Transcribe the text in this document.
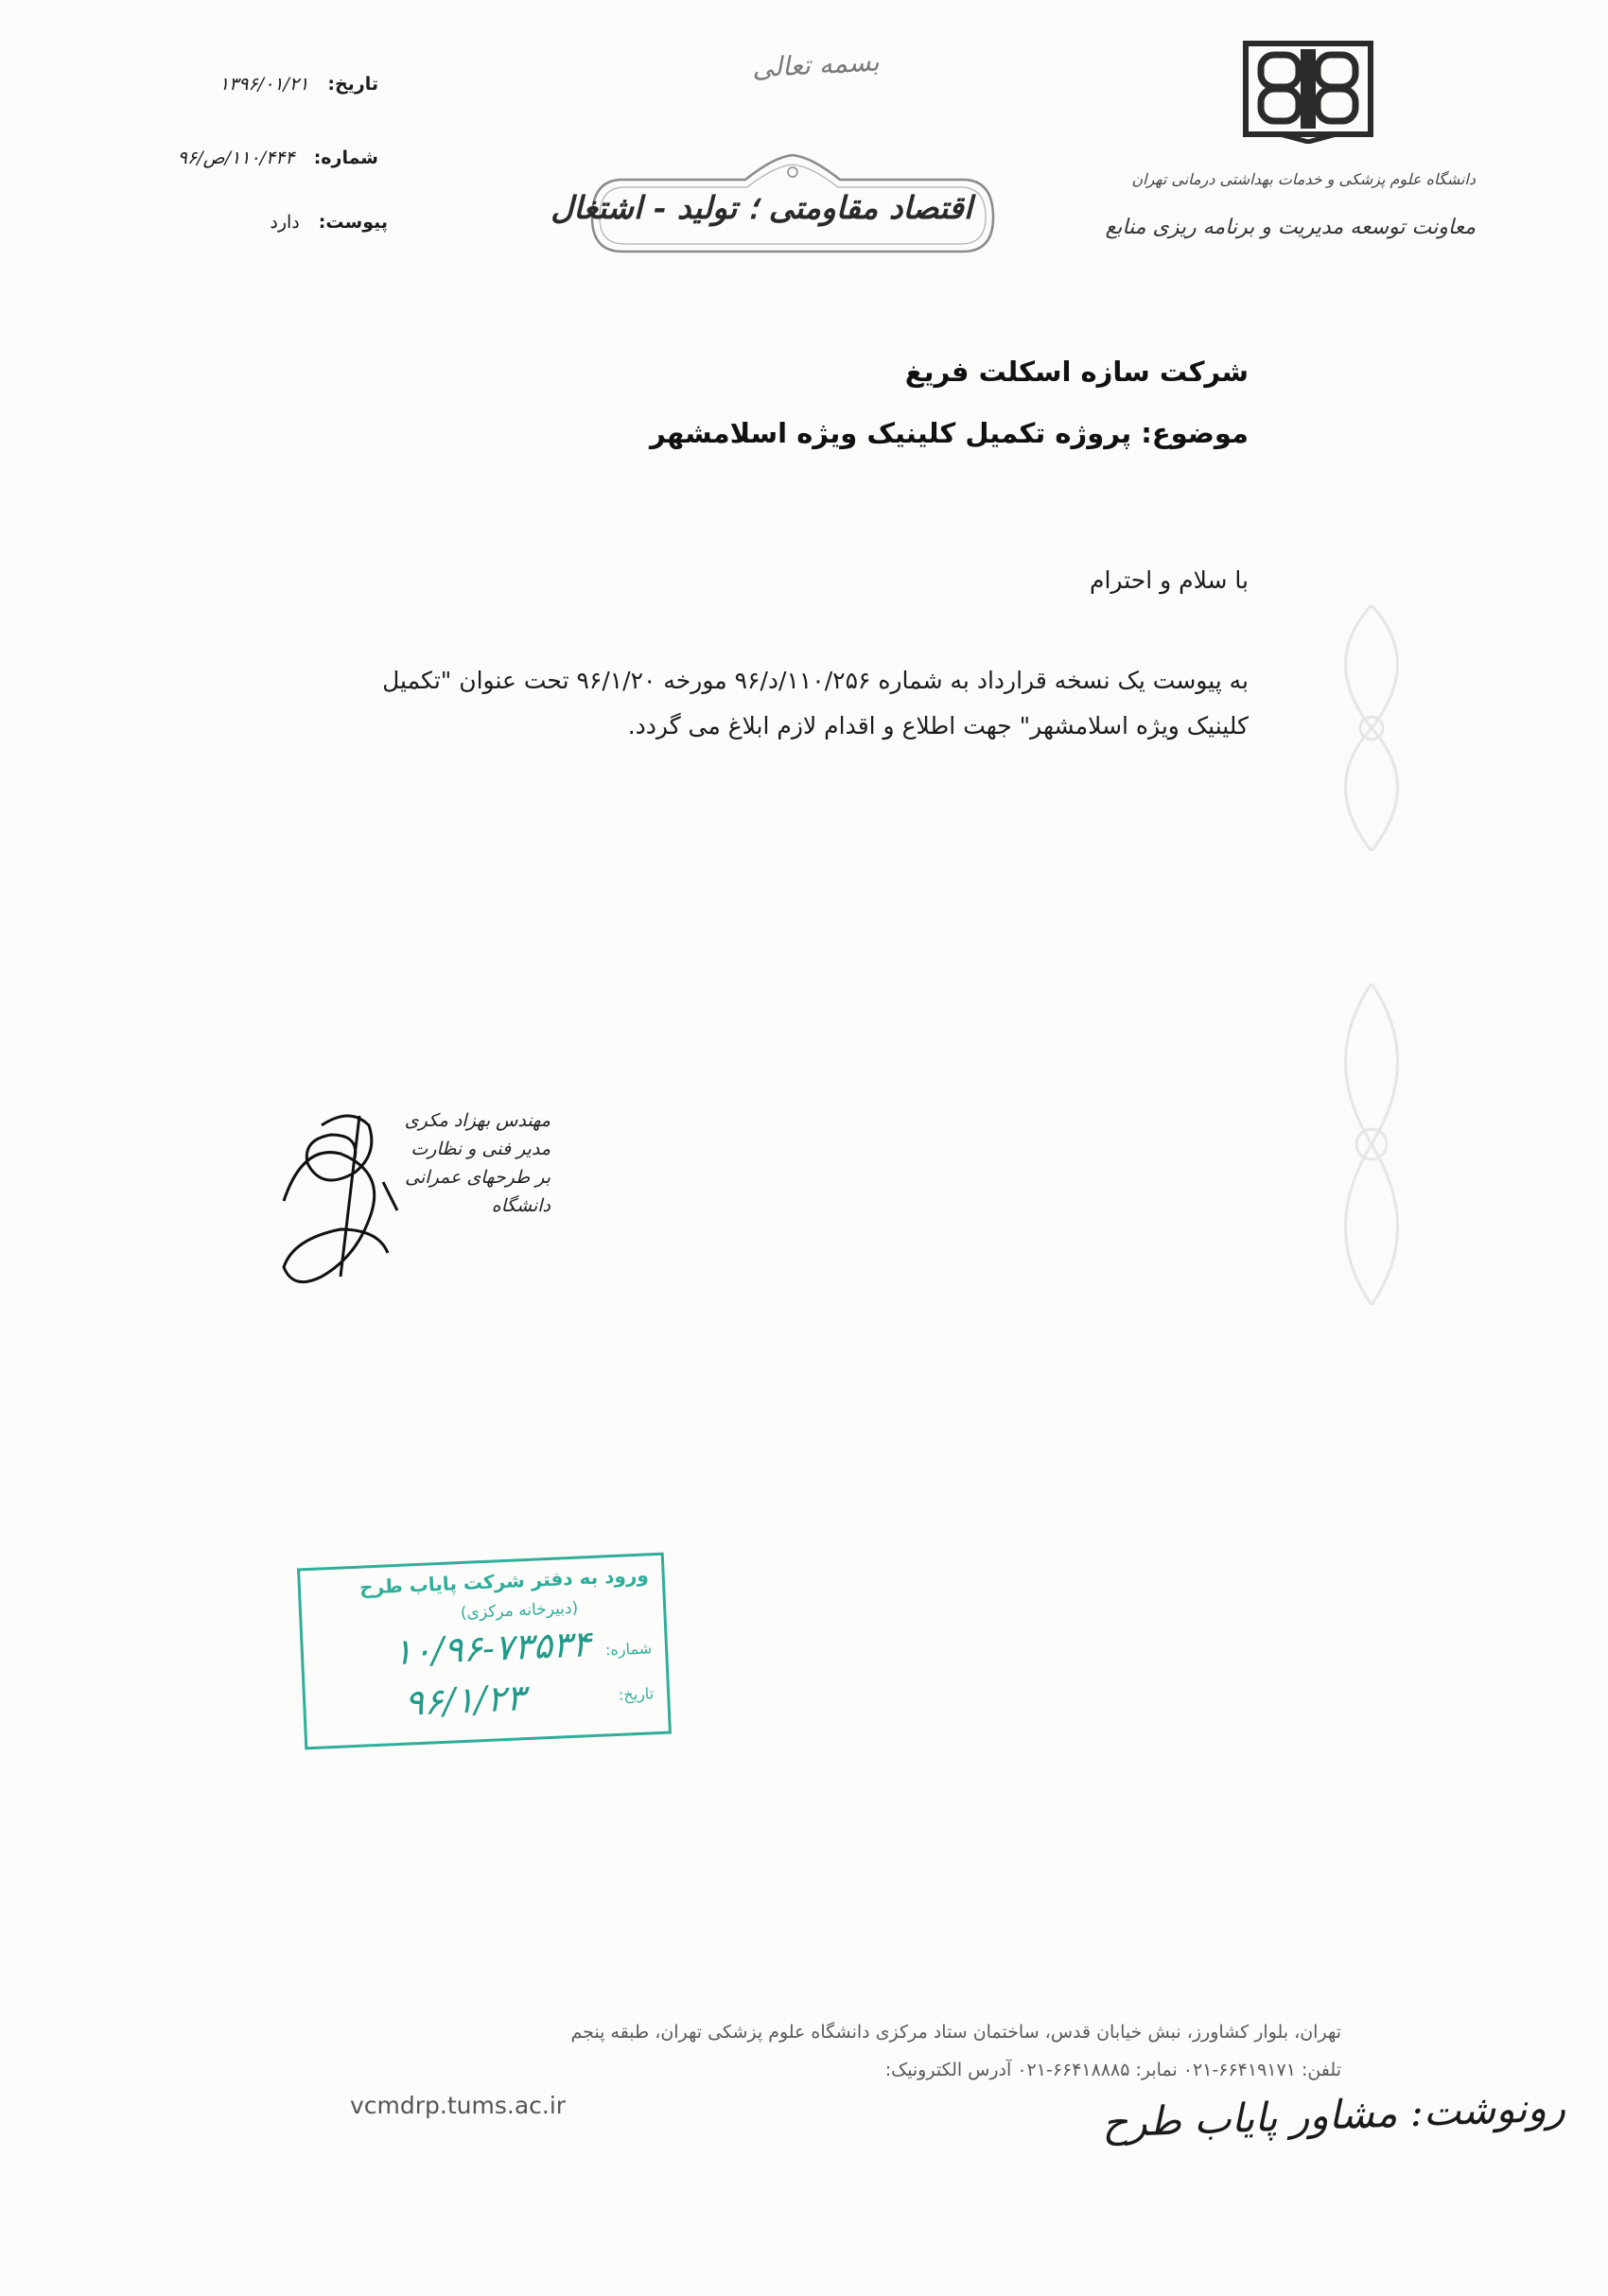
تاریخ: ۱۳۹۶/۰۱/۲۱
شماره: ۱۱۰/۴۴۴/ص/۹۶
پیوست: دارد
بسمه تعالی
اقتصاد مقاومتی ؛ تولید - اشتغال
دانشگاه علوم پزشکی و خدمات بهداشتی درمانی تهران
معاونت توسعه مدیریت و برنامه ریزی منابع
شرکت سازه اسکلت فریغ
موضوع: پروژه تکمیل کلینیک ویژه اسلامشهر
با سلام و احترام
به پیوست یک نسخه قرارداد به شماره ۱۱۰/۲۵۶/د/۹۶ مورخه ۹۶/۱/۲۰ تحت عنوان "تکمیل کلینیک ویژه اسلامشهر" جهت اطلاع و اقدام لازم ابلاغ می گردد.
مهندس بهزاد مکری
مدیر فنی و نظارت
بر طرحهای عمرانی دانشگاه
ورود به دفتر شرکت پایاب طرح
(دبیرخانه مرکزی)
شماره:
۱۰/۹۶-۷۳۵۳۴
تاریخ:
۹۶/۱/۲۳
تهران، بلوار کشاورز، نبش خیابان قدس، ساختمان ستاد مرکزی دانشگاه علوم پزشکی تهران، طبقه پنجم
تلفن: ۶۶۴۱۹۱۷۱-۰۲۱ نمابر: ۶۶۴۱۸۸۸۵-۰۲۱ آدرس الکترونیک:
vcmdrp.tums.ac.ir	رونوشت: مشاور پایاب طرح
